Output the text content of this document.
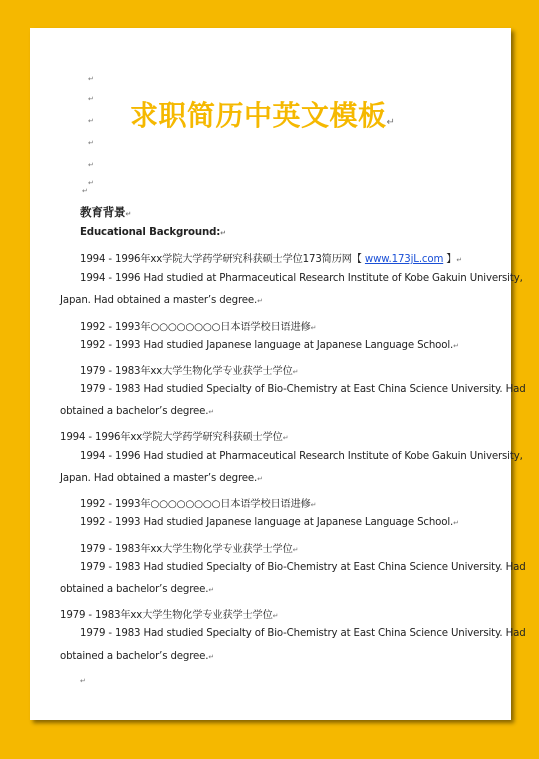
↵
↵
↵
↵
↵
↵
↵
求职简历中英文模板↵
教育背景↵
Educational Background:↵
1994 - 1996年xx学院大学药学研究科获硕士学位173简历网【 www.173jL.com 】↵
1994 - 1996 Had studied at Pharmaceutical Research Institute of Kobe Gakuin University,
Japan. Had obtained a master’s degree.↵
1992 - 1993年○○○○○○○○日本语学校日语进修↵
1992 - 1993 Had studied Japanese language at Japanese Language School.↵
1979 - 1983年xx大学生物化学专业获学士学位↵
1979 - 1983 Had studied Specialty of Bio-Chemistry at East China Science University. Had
obtained a bachelor’s degree.↵
1994 - 1996年xx学院大学药学研究科获硕士学位↵
1994 - 1996 Had studied at Pharmaceutical Research Institute of Kobe Gakuin University,
Japan. Had obtained a master’s degree.↵
1992 - 1993年○○○○○○○○日本语学校日语进修↵
1992 - 1993 Had studied Japanese language at Japanese Language School.↵
1979 - 1983年xx大学生物化学专业获学士学位↵
1979 - 1983 Had studied Specialty of Bio-Chemistry at East China Science University. Had
obtained a bachelor’s degree.↵
1979 - 1983年xx大学生物化学专业获学士学位↵
1979 - 1983 Had studied Specialty of Bio-Chemistry at East China Science University. Had
obtained a bachelor’s degree.↵
↵
